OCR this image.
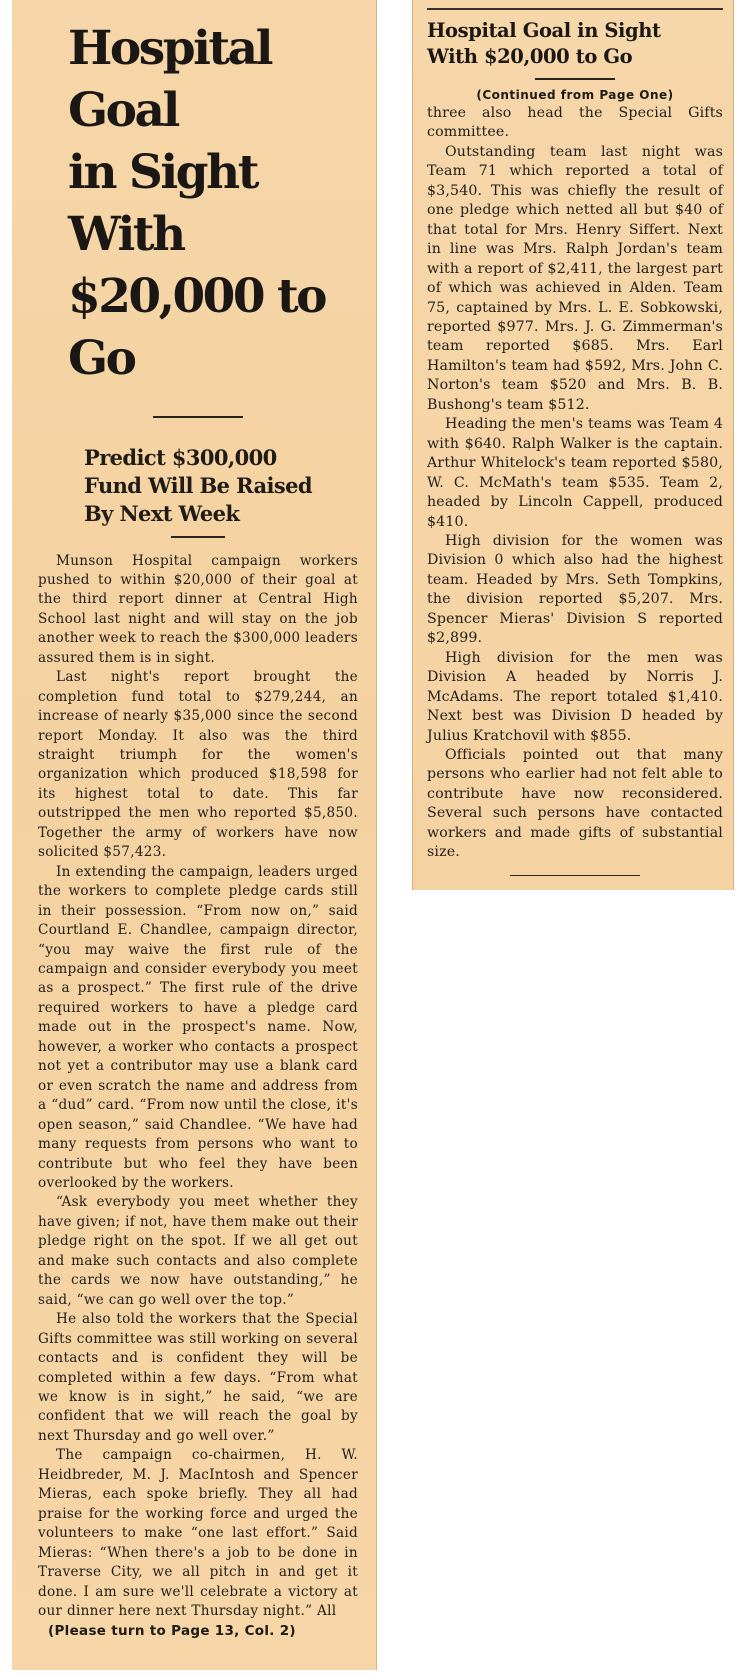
Hospital Goal
in Sight With
$20,000 to Go
Predict $300,000
Fund Will Be Raised
By Next Week

Munson Hospital campaign workers pushed to within $20,000 of their goal at the third report dinner at Central High School last night and will stay on the job another week to reach the $300,000 leaders assured them is in sight.

Last night's report brought the completion fund total to $279,244, an increase of nearly $35,000 since the second report Monday. It also was the third straight triumph for the women's organization which produced $18,598 for its highest total to date. This far outstripped the men who reported $5,850. Together the army of workers have now solicited $57,423.

In extending the campaign, leaders urged the workers to complete pledge cards still in their possession. “From now on,” said Courtland E. Chandlee, campaign director, “you may waive the first rule of the campaign and consider everybody you meet as a prospect.” The first rule of the drive required workers to have a pledge card made out in the prospect's name. Now, however, a worker who contacts a prospect not yet a contributor may use a blank card or even scratch the name and address from a “dud” card. “From now until the close, it's open season,” said Chandlee. “We have had many requests from persons who want to contribute but who feel they have been overlooked by the workers.

“Ask everybody you meet whether they have given; if not, have them make out their pledge right on the spot. If we all get out and make such contacts and also complete the cards we now have outstanding,” he said, “we can go well over the top.”

He also told the workers that the Special Gifts committee was still working on several contacts and is confident they will be completed within a few days. “From what we know is in sight,” he said, “we are confident that we will reach the goal by next Thursday and go well over.”

The campaign co-chairmen, H. W. Heidbreder, M. J. MacIntosh and Spencer Mieras, each spoke briefly. They all had praise for the working force and urged the volunteers to make “one last effort.” Said Mieras: “When there's a job to be done in Traverse City, we all pitch in and get it done. I am sure we'll celebrate a victory at our dinner here next Thursday night.” All

(Please turn to Page 13, Col. 2)
Hospital Goal in Sight
With $20,000 to Go
(Continued from Page One)
three also head the Special Gifts committee.

Outstanding team last night was Team 71 which reported a total of $3,540. This was chiefly the result of one pledge which netted all but $40 of that total for Mrs. Henry Siffert. Next in line was Mrs. Ralph Jordan's team with a report of $2,411, the largest part of which was achieved in Alden. Team 75, captained by Mrs. L. E. Sobkowski, reported $977. Mrs. J. G. Zimmerman's team reported $685. Mrs. Earl Hamilton's team had $592, Mrs. John C. Norton's team $520 and Mrs. B. B. Bushong's team $512.

Heading the men's teams was Team 4 with $640. Ralph Walker is the captain. Arthur Whitelock's team reported $580, W. C. McMath's team $535. Team 2, headed by Lincoln Cappell, produced $410.

High division for the women was Division 0 which also had the highest team. Headed by Mrs. Seth Tompkins, the division reported $5,207. Mrs. Spencer Mieras' Division S reported $2,899.

High division for the men was Division A headed by Norris J. McAdams. The report totaled $1,410. Next best was Division D headed by Julius Kratchovil with $855.

Officials pointed out that many persons who earlier had not felt able to contribute have now reconsidered. Several such persons have contacted workers and made gifts of substantial size.
